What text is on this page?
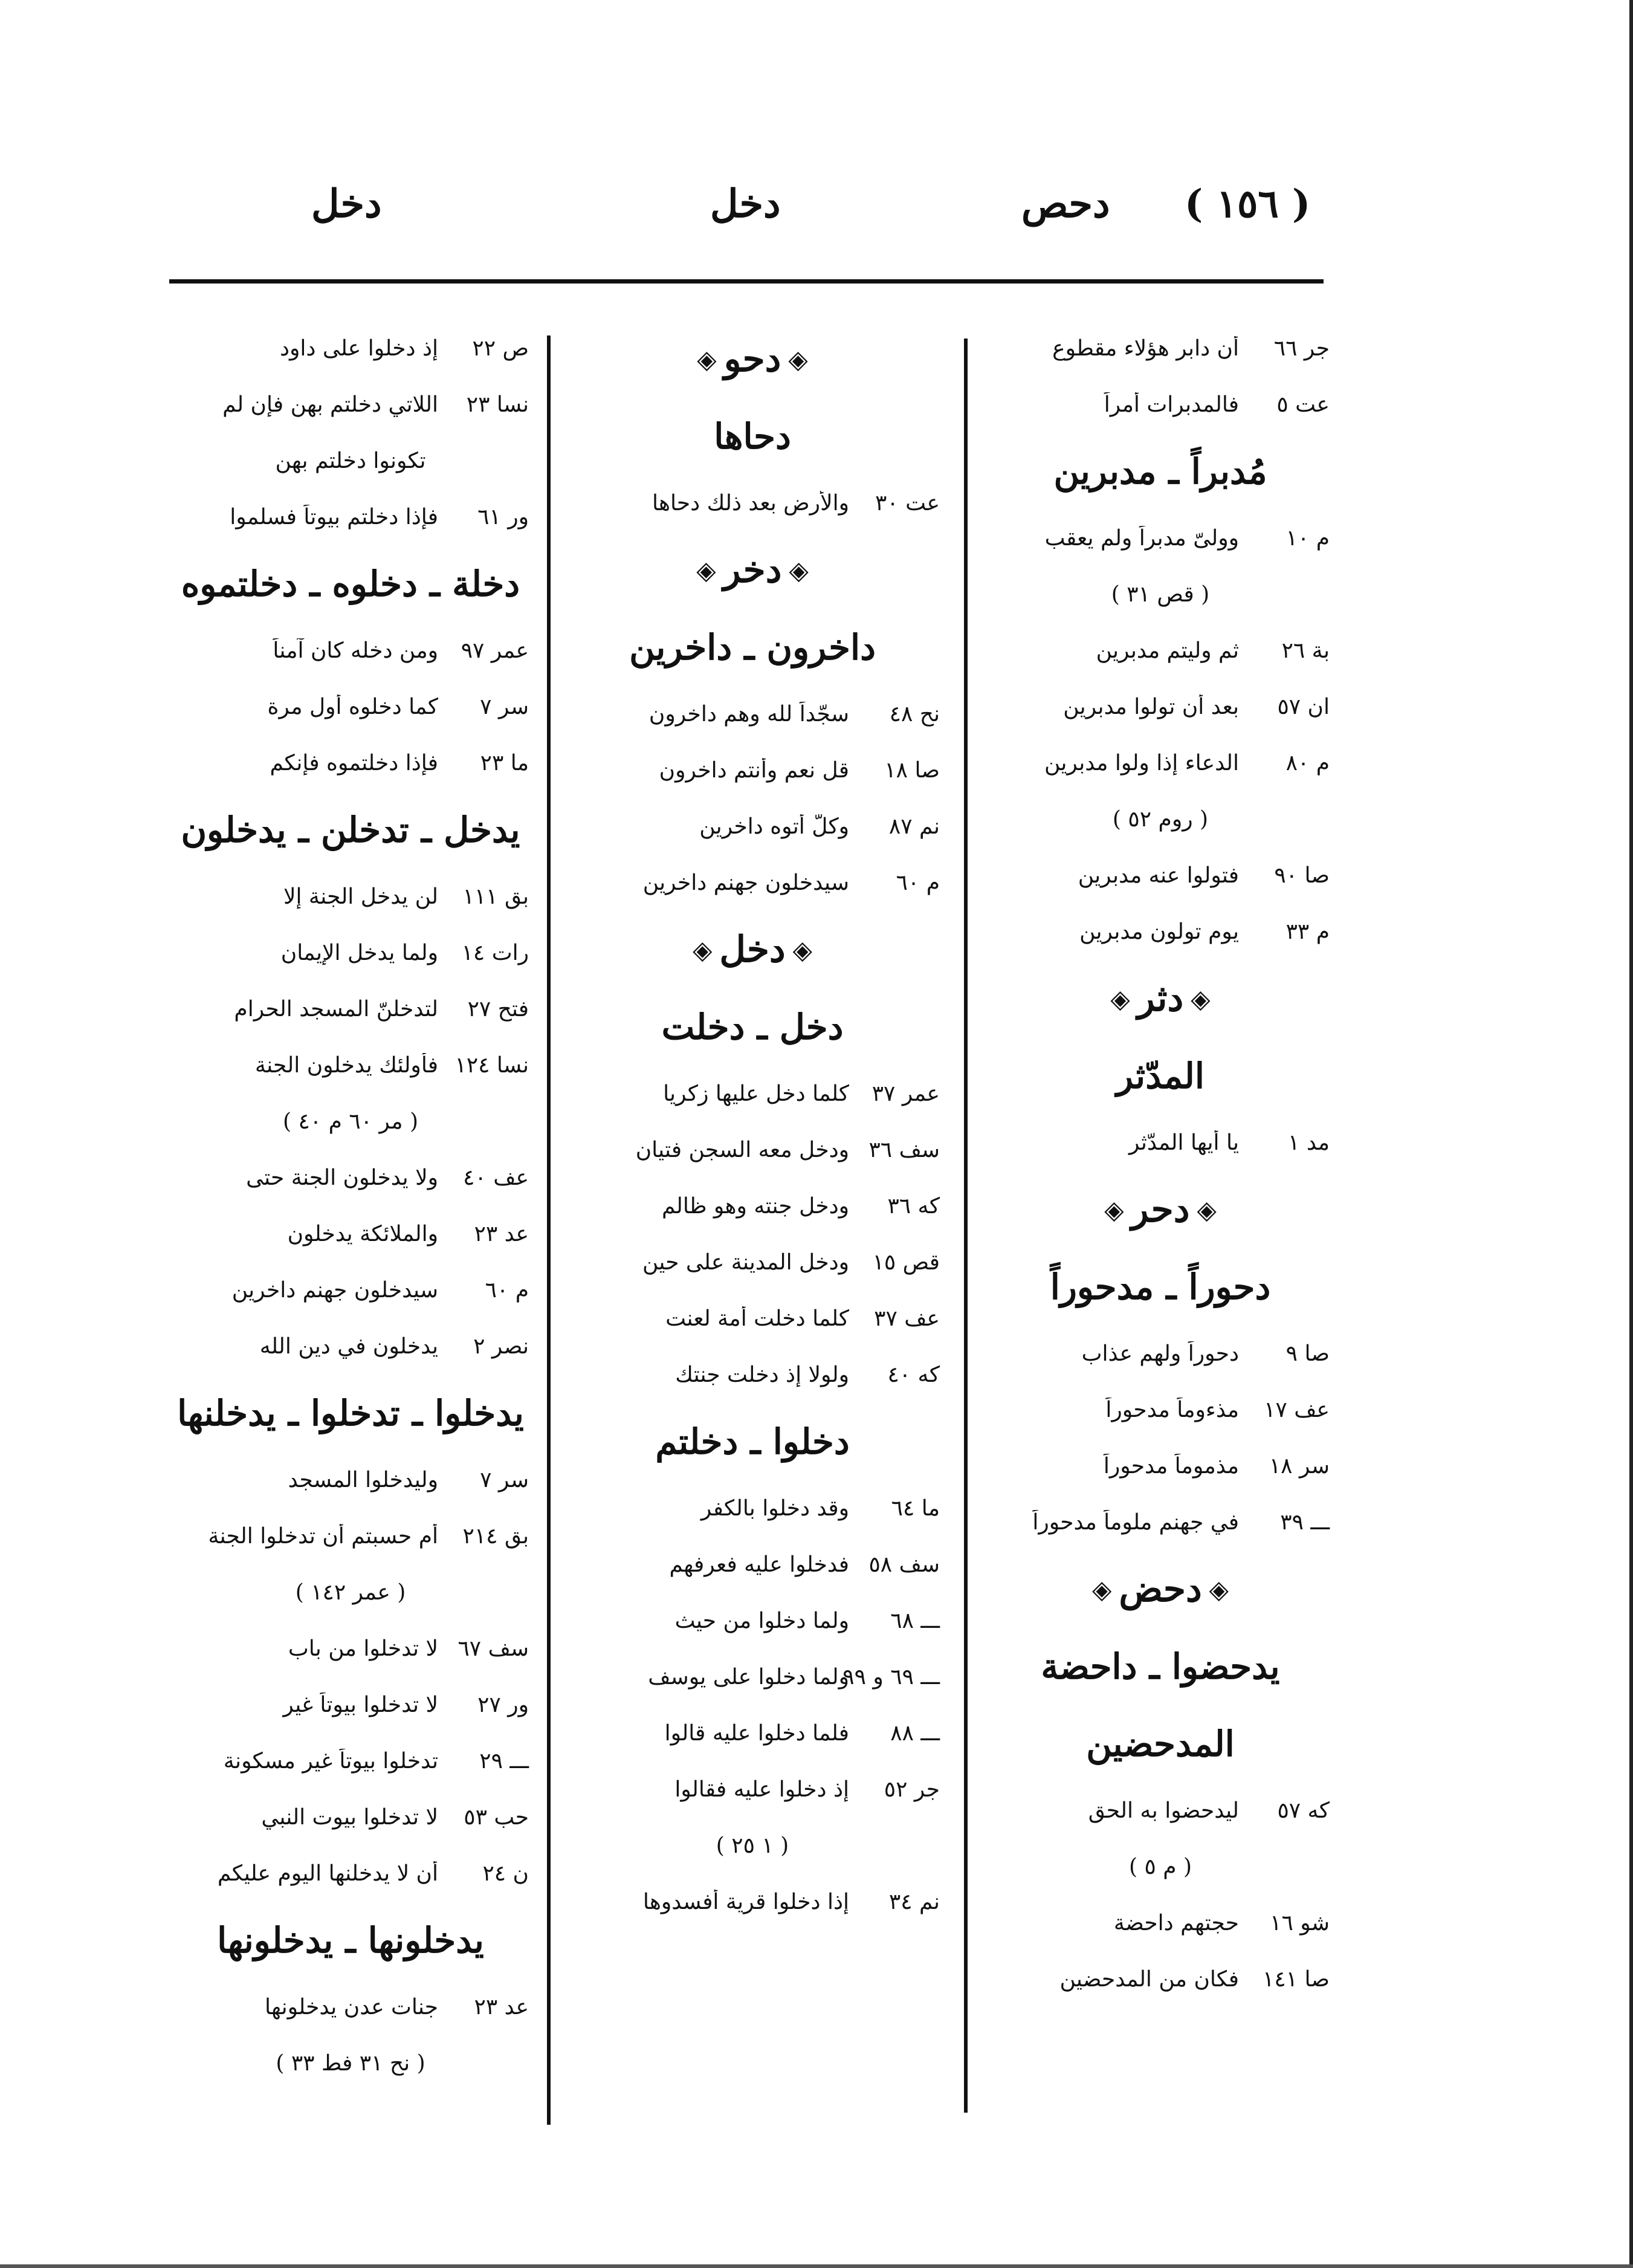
( ١٥٦ )
دحص
دخل
دخل
جر ٦٦
أن دابر هؤلاء مقطوع
عت ٥
فالمدبرات أمراً
مُدبراً ـ مدبرين
م ١٠
وولىّ مدبراً ولم يعقب
( قص ٣١ )
بة ٢٦
ثم وليتم مدبرين
ان ٥٧
بعد أن تولوا مدبرين
م ٨٠
الدعاء إذا ولوا مدبرين
( روم ٥٢ )
صا ٩٠
فتولوا عنه مدبرين
م ٣٣
يوم تولون مدبرين
◈
دثر
◈
المدّثر
مد ١
يا أيها المدّثر
◈
دحر
◈
دحوراً ـ مدحوراً
صا ٩
دحوراً ولهم عذاب
عف ١٧
مذءوماً مدحوراً
سر ١٨
مذموماً مدحوراً
ـــ ٣٩
في جهنم ملوماً مدحوراً
◈
دحض
◈
يدحضوا ـ داحضة
المدحضين
كه ٥٧
ليدحضوا به الحق
( م ٥ )
شو ١٦
حجتهم داحضة
صا ١٤١
فكان من المدحضين
◈
دحو
◈
دحاها
عت ٣٠
والأرض بعد ذلك دحاها
◈
دخر
◈
داخرون ـ داخرين
نح ٤٨
سجّداً لله وهم داخرون
صا ١٨
قل نعم وأنتم داخرون
نم ٨٧
وكلّ أتوه داخرين
م ٦٠
سيدخلون جهنم داخرين
◈
دخل
◈
دخل ـ دخلت
عمر ٣٧
كلما دخل عليها زكريا
سف ٣٦
ودخل معه السجن فتيان
كه ٣٦
ودخل جنته وهو ظالم
قص ١٥
ودخل المدينة على حين
عف ٣٧
كلما دخلت أمة لعنت
كه ٤٠
ولولا إذ دخلت جنتك
دخلوا ـ دخلتم
ما ٦٤
وقد دخلوا بالكفر
سف ٥٨
فدخلوا عليه فعرفهم
ـــ ٦٨
ولما دخلوا من حيث
ـــ ٦٩ و ٩٩
ولما دخلوا على يوسف
ـــ ٨٨
فلما دخلوا عليه قالوا
جر ٥٢
إذ دخلوا عليه فقالوا
( ١ ٢٥ )
نم ٣٤
إذا دخلوا قرية أفسدوها
ص ٢٢
إذ دخلوا على داود
نسا ٢٣
اللاتي دخلتم بهن فإن لم
تكونوا دخلتم بهن
ور ٦١
فإذا دخلتم بيوتاً فسلموا
دخلة ـ دخلوه ـ دخلتموه
عمر ٩٧
ومن دخله كان آمناً
سر ٧
كما دخلوه أول مرة
ما ٢٣
فإذا دخلتموه فإنكم
يدخل ـ تدخلن ـ يدخلون
بق ١١١
لن يدخل الجنة إلا
رات ١٤
ولما يدخل الإيمان
فتح ٢٧
لتدخلنّ المسجد الحرام
نسا ١٢٤
فأولئك يدخلون الجنة
( مر ٦٠ م ٤٠ )
عف ٤٠
ولا يدخلون الجنة حتى
عد ٢٣
والملائكة يدخلون
م ٦٠
سيدخلون جهنم داخرين
نصر ٢
يدخلون في دين الله
يدخلوا ـ تدخلوا ـ يدخلنها
سر ٧
وليدخلوا المسجد
بق ٢١٤
أم حسبتم أن تدخلوا الجنة
( عمر ١٤٢ )
سف ٦٧
لا تدخلوا من باب
ور ٢٧
لا تدخلوا بيوتاً غير
ـــ ٢٩
تدخلوا بيوتاً غير مسكونة
حب ٥٣
لا تدخلوا بيوت النبي
ن ٢٤
أن لا يدخلنها اليوم عليكم
يدخلونها ـ يدخلونها
عد ٢٣
جنات عدن يدخلونها
( نح ٣١ فط ٣٣ )
